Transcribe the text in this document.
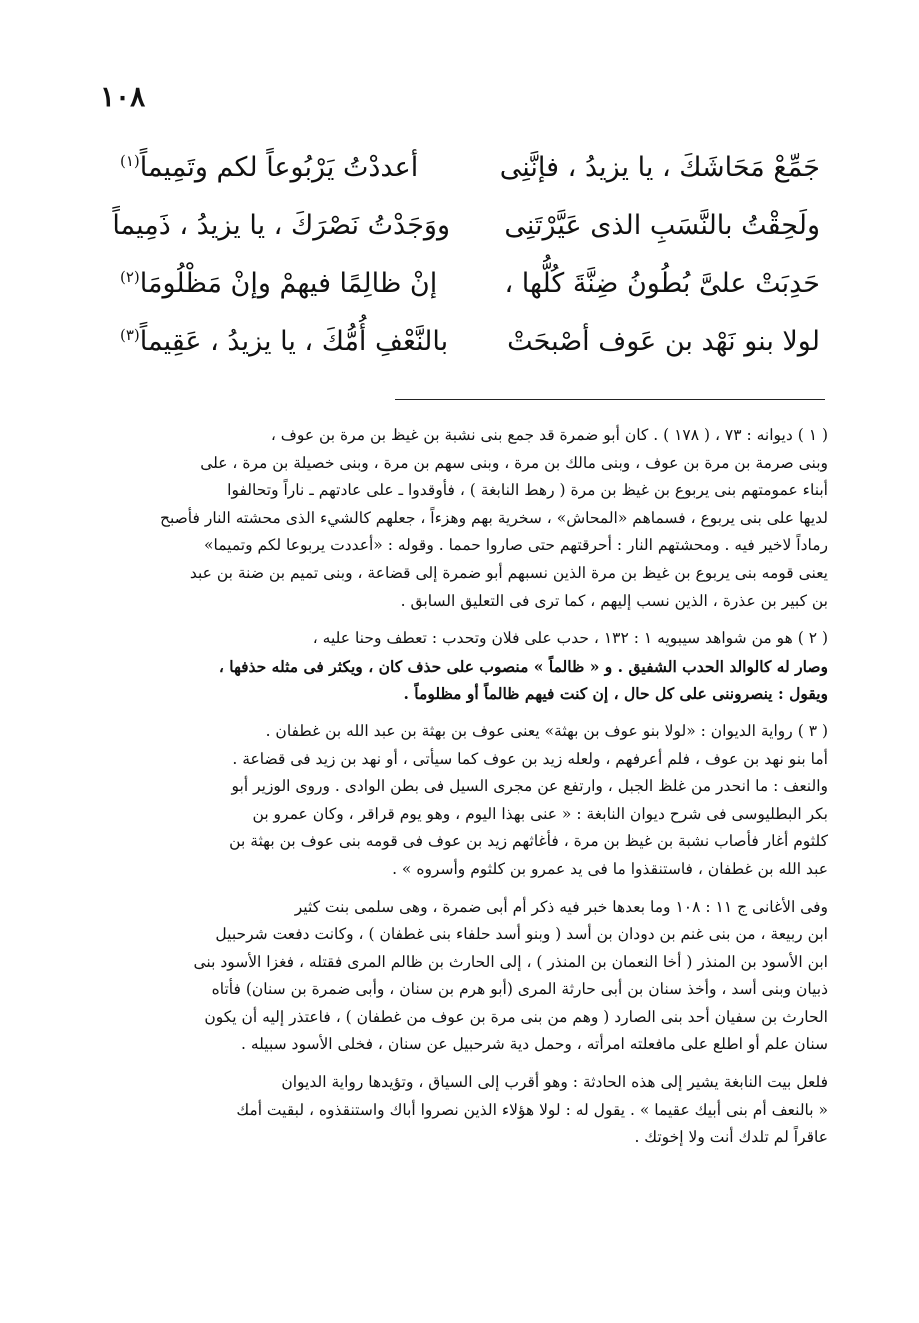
١٠٨
جَمِّعْ مَحَاشَكَ ، يا يزيدُ ، فإنَّنِى
أعددْتُ يَرْبُوعاً لكم وتَمِيماً$^{(١)}$
ولَحِقْتُ بالنَّسَبِ الذى عَيَّرْتَنِى
ووَجَدْتُ نَصْرَكَ ، يا يزيدُ ، ذَمِيماً
حَدِبَتْ علىَّ بُطُونُ ضِنَّةَ كُلُّها ،
إنْ ظالِمًا فيهمْ وإنْ مَظْلُومَا$^{(٢)}$
لولا بنو نَهْد بن عَوف أصْبحَتْ
بالنَّعْفِ أُمُّكَ ، يا يزيدُ ، عَقِيماً$^{(٣)}$
( ١ ) ديوانه : ٧٣ ، ( ١٧٨ ) . كان أبو ضمرة قد جمع بنى نشبة بن غيظ بن مرة بن عوف ،
وبنى صرمة بن مرة بن عوف ، وبنى مالك بن مرة ، وبنى سهم بن مرة ، وبنى خصيلة بن مرة ، على
أبناء عمومتهم بنى يربوع بن غيظ بن مرة ( رهط النابغة ) ، فأوقدوا ـ على عادتهم ـ ناراً وتحالفوا
لديها على بنى يربوع ، فسماهم «المحاش» ، سخرية بهم وهزءاً ، جعلهم كالشيء الذى محشته النار فأصبح
رماداً لاخير فيه . ومحشتهم النار : أحرقتهم حتى صاروا حمما . وقوله : «أعددت يربوعا لكم وتميما»
يعنى قومه بنى يربوع بن غيظ بن مرة الذين نسبهم أبو ضمرة إلى قضاعة ، وبنى تميم بن ضنة بن عبد
بن كبير بن عذرة ، الذين نسب إليهم ، كما ترى فى التعليق السابق .
( ٢ ) هو من شواهد سيبويه ١ : ١٣٢ ، حدب على فلان وتحدب : تعطف وحنا عليه ،
وصار له كالوالد الحدب الشفيق . و « ظالماً » منصوب على حذف كان ، ويكثر فى مثله حذفها ،
ويقول : ينصروننى على كل حال ، إن كنت فيهم ظالماً أو مظلوماً .
( ٣ ) رواية الديوان : «لولا بنو عوف بن بهثة» يعنى عوف بن بهثة بن عبد الله بن غطفان .
أما بنو نهد بن عوف ، فلم أعرفهم ، ولعله زيد بن عوف كما سيأتى ، أو نهد بن زيد فى قضاعة .
والنعف : ما انحدر من غلظ الجبل ، وارتفع عن مجرى السيل فى بطن الوادى . وروى الوزير أبو
بكر البطليوسى فى شرح ديوان النابغة : « عنى بهذا اليوم ، وهو يوم قراقر ، وكان عمرو بن
كلثوم أغار فأصاب نشبة بن غيظ بن مرة ، فأغاثهم زيد بن عوف فى قومه بنى عوف بن بهثة بن
عبد الله بن غطفان ، فاستنقذوا ما فى يد عمرو بن كلثوم وأسروه » .
وفى الأغانى ج ١١ : ١٠٨ وما بعدها خبر فيه ذكر أم أبى ضمرة ، وهى سلمى بنت كثير
ابن ربيعة ، من بنى غنم بن دودان بن أسد ( وبنو أسد حلفاء بنى غطفان ) ، وكانت دفعت شرحبيل
ابن الأسود بن المنذر ( أخا النعمان بن المنذر ) ، إلى الحارث بن ظالم المرى فقتله ، فغزا الأسود بنى
ذبيان وبنى أسد ، وأخذ سنان بن أبى حارثة المرى (أبو هرم بن سنان ، وأبى ضمرة بن سنان) فأتاه
الحارث بن سفيان أحد بنى الصارد ( وهم من بنى مرة بن عوف من غطفان ) ، فاعتذر إليه أن يكون
سنان علم أو اطلع على مافعلته امرأته ، وحمل دية شرحبيل عن سنان ، فخلى الأسود سبيله .
فلعل بيت النابغة يشير إلى هذه الحادثة : وهو أقرب إلى السياق ، وتؤيدها رواية الديوان
« بالنعف أم بنى أبيك عقيما » . يقول له : لولا هؤلاء الذين نصروا أباك واستنقذوه ، لبقيت أمك
عاقراً لم تلدك أنت ولا إخوتك .
